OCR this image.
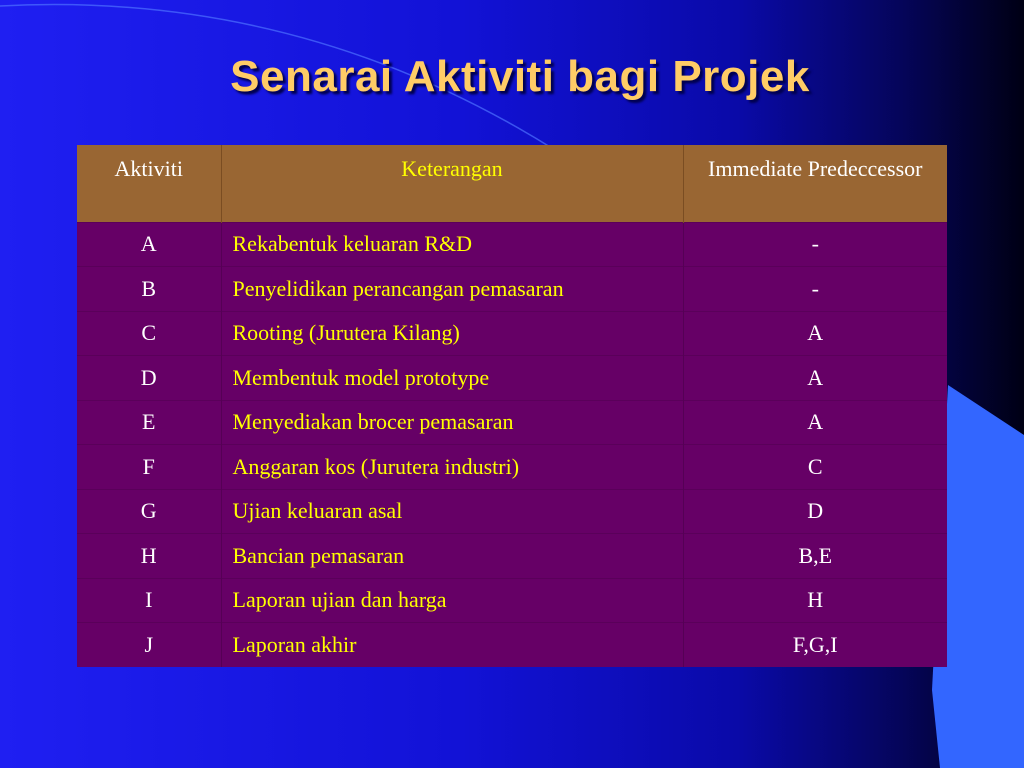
Senarai Aktiviti bagi Projek
Aktiviti	Keterangan	Immediate Predeccessor
A	Rekabentuk keluaran R&D	-
B	Penyelidikan perancangan pemasaran	-
C	Rooting (Jurutera Kilang)	A
D	Membentuk model prototype	A
E	Menyediakan brocer pemasaran	A
F	Anggaran kos (Jurutera industri)	C
G	Ujian keluaran asal	D
H	Bancian pemasaran	B,E
I	Laporan ujian dan harga	H
J	Laporan akhir	F,G,I
